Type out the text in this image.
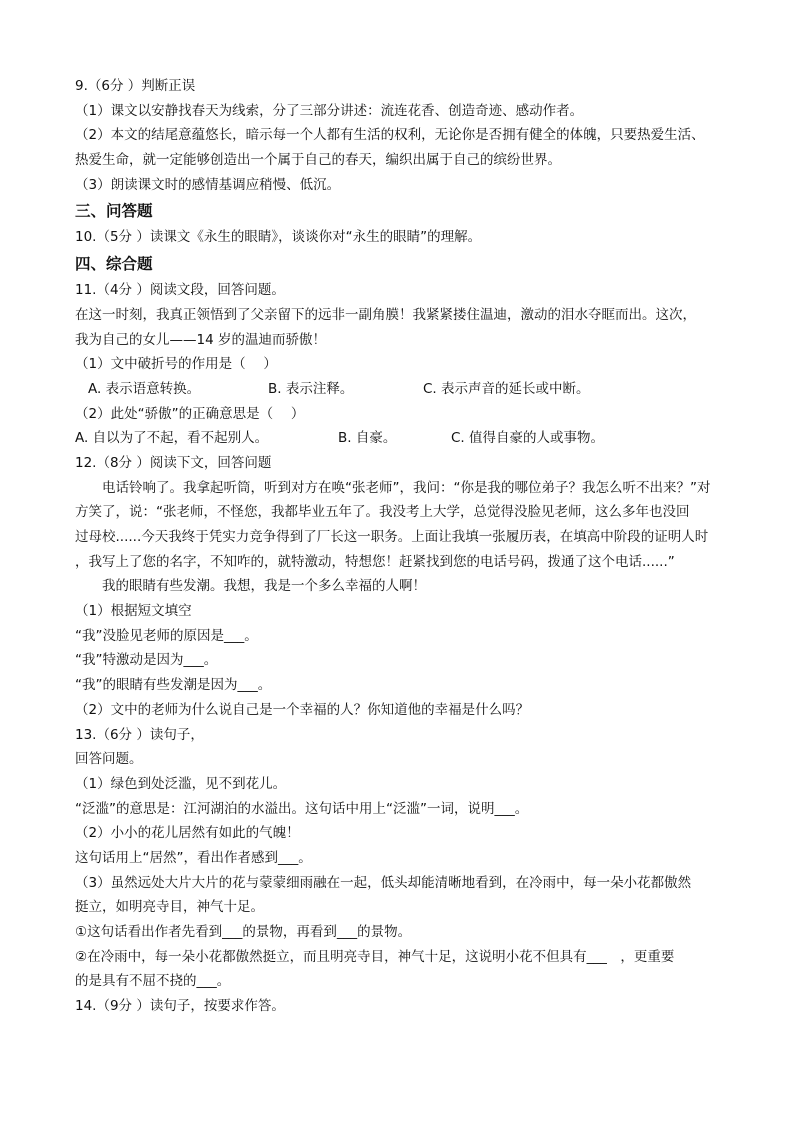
9.（6分 ）判断正误
（1）课文以安静找春天为线索，分了三部分讲述：流连花香、创造奇迹、感动作者。
（2）本文的结尾意蕴悠长，暗示每一个人都有生活的权利，无论你是否拥有健全的体魄，只要热爱生活、
热爱生命，就一定能够创造出一个属于自己的春天，编织出属于自己的缤纷世界。
（3）朗读课文时的感情基调应稍慢、低沉。
三、问答题
10.（5分 ）读课文《永生的眼睛》，谈谈你对“永生的眼睛”的理解。
四、综合题
11.（4分 ）阅读文段，回答问题。
在这一时刻，我真正领悟到了父亲留下的远非一副角膜！我紧紧搂住温迪，激动的泪水夺眶而出。这次，
我为自己的女儿——14 岁的温迪而骄傲！
（1）文中破折号的作用是（　 ）
A. 表示语意转换。	B. 表示注释。	C. 表示声音的延长或中断。
（2）此处“骄傲”的正确意思是（　 ）
A. 自以为了不起，看不起别人。	B. 自豪。	C. 值得自豪的人或事物。
12.（8分 ）阅读下文，回答问题
电话铃响了。我拿起听筒，听到对方在唤“张老师”，我问：“你是我的哪位弟子？我怎么听不出来？”对
方笑了，说：“张老师，不怪您，我都毕业五年了。我没考上大学，总觉得没脸见老师，这么多年也没回
过母校......今天我终于凭实力竞争得到了厂长这一职务。上面让我填一张履历表，在填高中阶段的证明人时
，我写上了您的名字，不知咋的，就特激动，特想您！赶紧找到您的电话号码，拨通了这个电话......”
我的眼睛有些发潮。我想，我是一个多么幸福的人啊！
（1）根据短文填空
“我”没脸见老师的原因是___。
“我”特激动是因为___。
“我”的眼睛有些发潮是因为___。
（2）文中的老师为什么说自己是一个幸福的人？你知道他的幸福是什么吗？
13.（6分 ）读句子，
回答问题。
（1）绿色到处泛滥，见不到花儿。
“泛滥”的意思是：江河湖泊的水溢出。这句话中用上“泛滥”一词，说明___。
（2）小小的花儿居然有如此的气魄！
这句话用上“居然”，看出作者感到___。
（3）虽然远处大片大片的花与蒙蒙细雨融在一起，低头却能清晰地看到，在冷雨中，每一朵小花都傲然
挺立，如明亮寺目，神气十足。
①这句话看出作者先看到___的景物，再看到___的景物。
②在冷雨中，每一朵小花都傲然挺立，而且明亮寺目，神气十足，这说明小花不但具有___　，更重要
的是具有不屈不挠的___。
14.（9分 ）读句子，按要求作答。
